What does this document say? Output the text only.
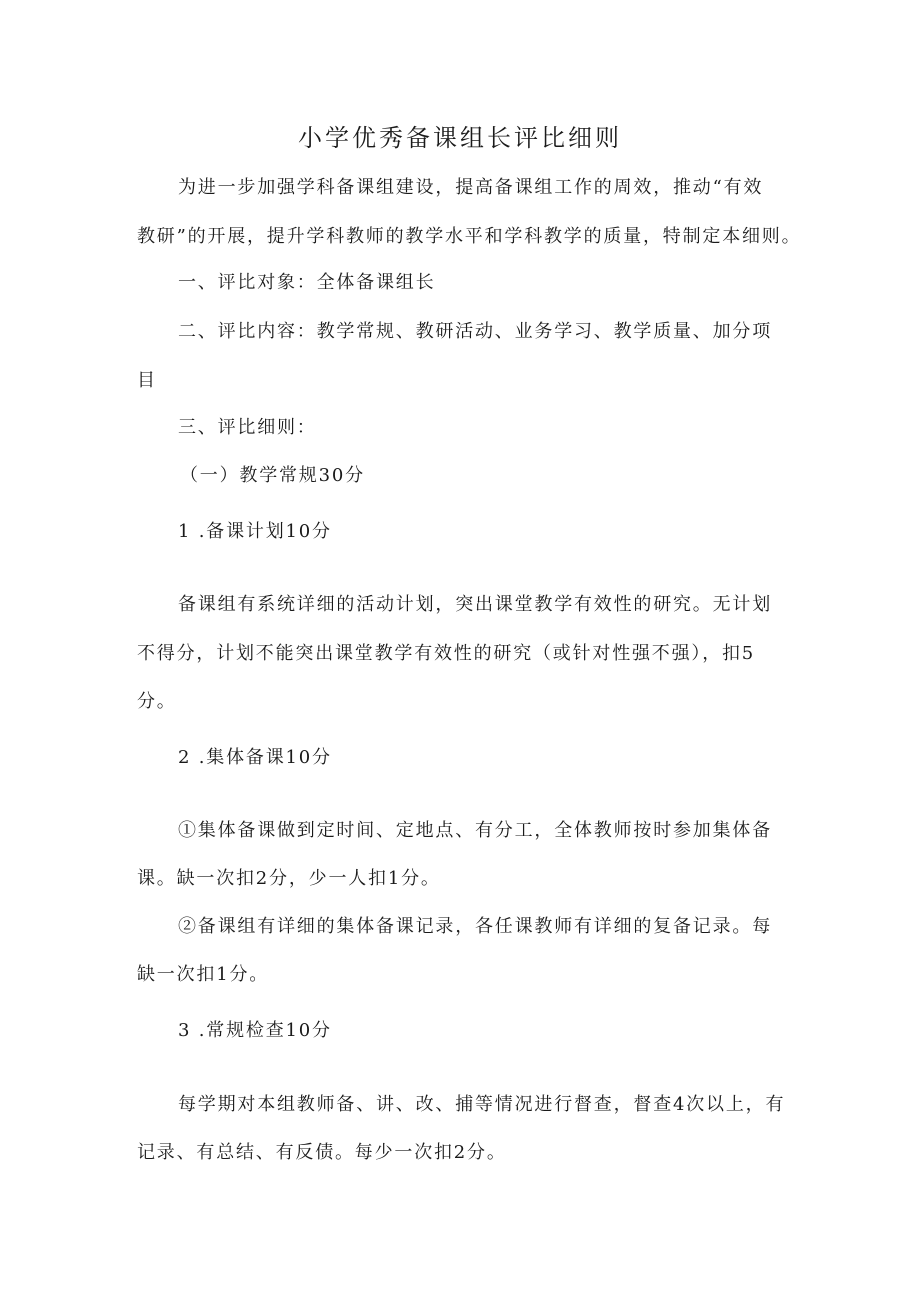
小学优秀备课组长评比细则
为进一步加强学科备课组建设，提高备课组工作的周效，推动“有效
教研”的开展，提升学科教师的教学水平和学科教学的质量，特制定本细则。
一、评比对象：全体备课组长
二、评比内容：教学常规、教研活动、业务学习、教学质量、加分项
目
三、评比细则：
（一）教学常规30分
1 .备课计划10分
备课组有系统详细的活动计划，突出课堂教学有效性的研究。无计划
不得分，计划不能突出课堂教学有效性的研究（或针对性强不强），扣5
分。
2 .集体备课10分
①集体备课做到定时间、定地点、有分工，全体教师按时参加集体备
课。缺一次扣2分，少一人扣1分。
②备课组有详细的集体备课记录，各任课教师有详细的复备记录。每
缺一次扣1分。
3 .常规检查10分
每学期对本组教师备、讲、改、捕等情况进行督查，督查4次以上，有
记录、有总结、有反债。每少一次扣2分。
